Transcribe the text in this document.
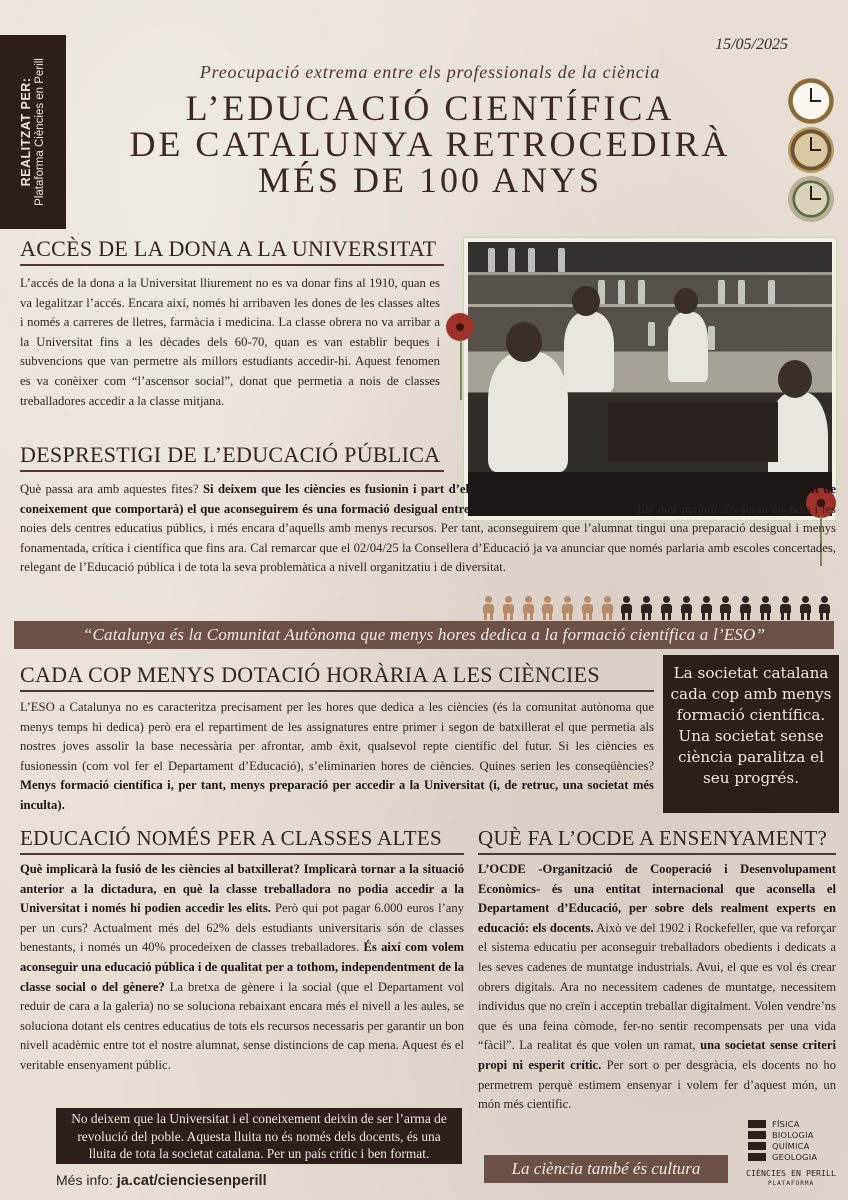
REALITZAT PER: Plataforma Ciències en Perill
15/05/2025
Preocupació extrema entre els professionals de la ciència
L’EDUCACIÓ CIENTÍFICA
DE CATALUNYA RETROCEDIRÀ
MÉS DE 100 ANYS
ACCÈS DE LA DONA A LA UNIVERSITAT

L’accés de la dona a la Universitat lliurement no es va donar fins al 1910, quan es va legalitzar l’accés. Encara així, només hi arribaven les dones de les classes altes i només a carreres de lletres, farmàcia i medicina. La classe obrera no va arribar a la Universitat fins a les dècades dels 60-70, quan es van establir beques i subvencions que van permetre als millors estudiants accedir-hi. Aquest fenomen es va conèixer com “l’ascensor social”, donat que permetia a nois de classes treballadores accedir a la classe mitjana.

DESPRESTIGI DE L’EDUCACIÓ PÚBLICA

Què passa ara amb aquestes fites? Si deixem que les ciències es fusionin i part d’elles passin a ser meres optatives (a part de la pèrdua important de coneixement que comportarà) el que aconseguirem és una formació desigual entre centres i entre classes socials. Els més perjudicats seran els nois i les noies dels centres educatius públics, i més encara d’aquells amb menys recursos. Per tant, aconseguirem que l’alumnat tingui una preparació desigual i menys fonamentada, crítica i científica que fins ara. Cal remarcar que el 02/04/25 la Consellera d’Educació ja va anunciar que només parlaria amb escoles concertades, relegant de l’Educació pública i de tota la seva problemàtica a nivell organitzatiu i de diversitat.

“Catalunya és la Comunitat Autònoma que menys hores dedica a la formació científica a l’ESO”
CADA COP MENYS DOTACIÓ HORÀRIA A LES CIÈNCIES

L’ESO a Catalunya no es caracteritza precisament per les hores que dedica a les ciències (és la comunitat autònoma que menys temps hi dedica) però era el repartiment de les assignatures entre primer i segon de batxillerat el que permetia als nostres joves assolir la base necessària per afrontar, amb èxit, qualsevol repte científic del futur. Si les ciències es fusionessin (com vol fer el Departament d’Educació), s’eliminarien hores de ciències. Quines serien les conseqüències? Menys formació científica i, per tant, menys preparació per accedir a la Universitat (i, de retruc, una societat més inculta).

La societat catalana cada cop amb menys formació científica. Una societat sense ciència paralitza el seu progrés.
EDUCACIÓ NOMÉS PER A CLASSES ALTES

Què implicarà la fusió de les ciències al batxillerat? Implicarà tornar a la situació anterior a la dictadura, en què la classe treballadora no podia accedir a la Universitat i només hi podien accedir les elits. Però qui pot pagar 6.000 euros l’any per un curs? Actualment més del 62% dels estudiants universitaris són de classes benestants, i només un 40% procedeixen de classes treballadores. És així com volem aconseguir una educació pública i de qualitat per a tothom, independentment de la classe social o del gènere? La bretxa de gènere i la social (que el Departament vol reduir de cara a la galeria) no se soluciona rebaixant encara més el nivell a les aules, se soluciona dotant els centres educatius de tots els recursos necessaris per garantir un bon nivell acadèmic entre tot el nostre alumnat, sense distincions de cap mena. Aquest és el veritable ensenyament públic.

QUÈ FA L’OCDE A ENSENYAMENT?

L’OCDE -Organització de Cooperació i Desenvolupament Econòmics- és una entitat internacional que aconsella el Departament d’Educació, per sobre dels realment experts en educació: els docents. Això ve del 1902 i Rockefeller, que va reforçar el sistema educatiu per aconseguir treballadors obedients i dedicats a les seves cadenes de muntatge industrials. Avui, el que es vol és crear obrers digitals. Ara no necessitem cadenes de muntatge, necessitem individus que no creïn i acceptin treballar digitalment. Volen vendre’ns que és una feina còmode, fer-no sentir recompensats per una vida “fàcil”. La realitat és que volen un ramat, una societat sense criteri propi ni esperit crític. Per sort o per desgràcia, els docents no ho permetrem perquè estimem ensenyar i volem fer d’aquest món, un món més científic.

No deixem que la Universitat i el coneixement deixin de ser l’arma de revolució del poble. Aquesta lluita no és només dels docents, és una lluita de tota la societat catalana. Per un país crític i ben format.
La ciència també és cultura
Més info: ja.cat/cienciesenperill
FÍSICA
BIOLOGIA
QUÍMICA
GEOLOGIA
CIÈNCIES EN PERILL
PLATAFORMA
